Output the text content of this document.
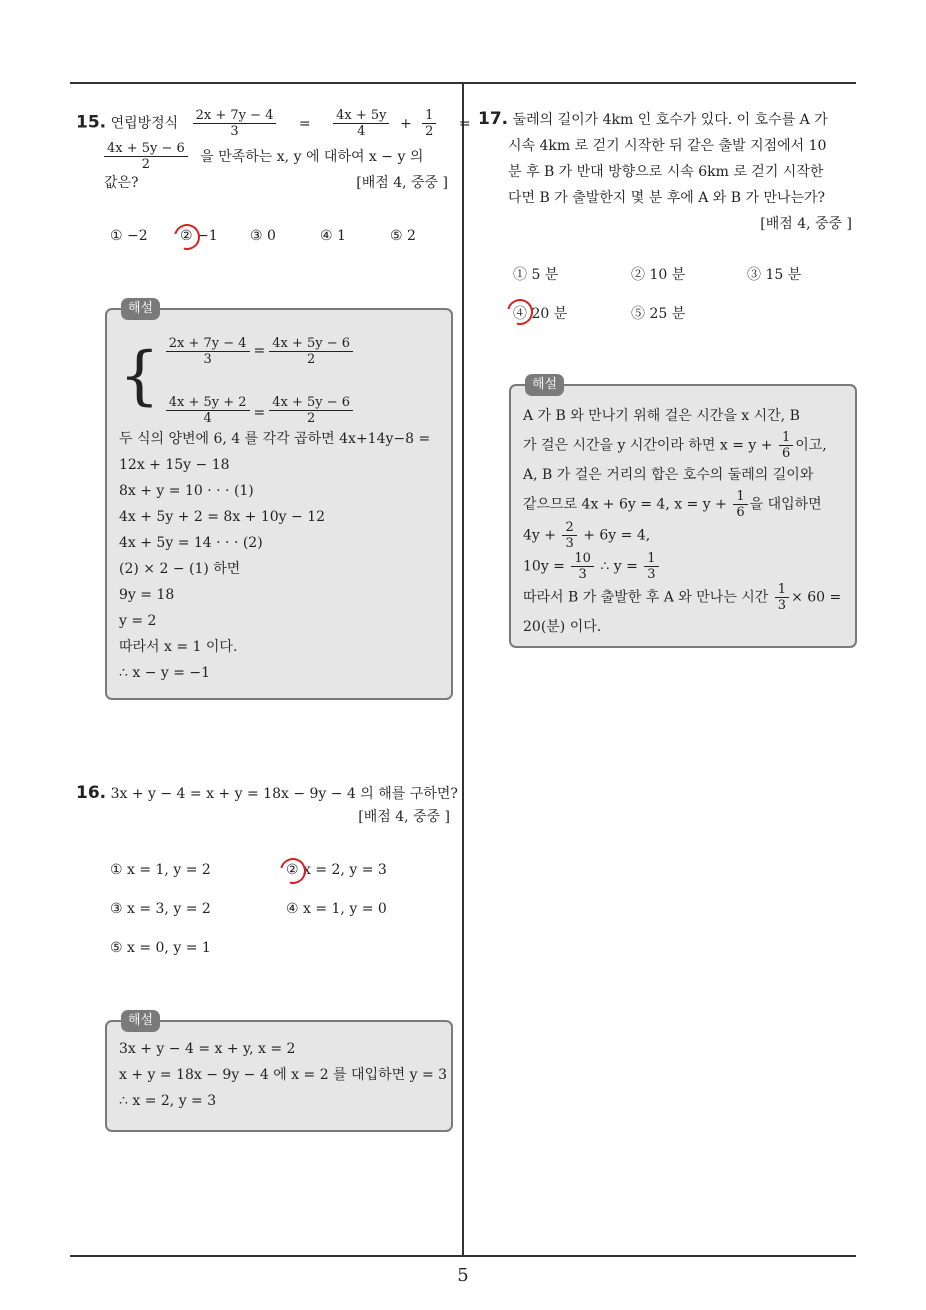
15. 연립방정식 $\frac{2x + 7y - 4}{3} = \frac{4x + 5y}{4} + \frac{1}{2}$ =
$\frac{4x + 5y - 6}{2}$ 을 만족하는 x, y 에 대하여 x − y 의
값은?	[배점 4, 중중 ]
① −2 ② −1 ③ 0	④ 1	⑤ 2
해설
{ $\frac{2x + 7y - 4}{3} = \frac{4x + 5y - 6}{2}$
$\frac{4x + 5y + 2}{4} = \frac{4x + 5y - 6}{2}$
두 식의 양변에 6, 4 를 각각 곱하면 4x+14y−8 =
12x + 15y − 18
8x + y = 10 · · · (1)
4x + 5y + 2 = 8x + 10y − 12
4x + 5y = 14 · · · (2)
(2) × 2 − (1) 하면
9y = 18
y = 2
따라서 x = 1 이다.
∴ x − y = −1
16. 3x + y − 4 = x + y = 18x − 9y − 4 의 해를 구하면?
[배점 4, 중중 ]
① x = 1, y = 2	② x = 2, y = 3
③ x = 3, y = 2	④ x = 1, y = 0
⑤ x = 0, y = 1
해설
3x + y − 4 = x + y, x = 2
x + y = 18x − 9y − 4 에 x = 2 를 대입하면 y = 3
∴ x = 2, y = 3
17. 둘레의 길이가 4km 인 호수가 있다. 이 호수를 A 가
시속 4km 로 걷기 시작한 뒤 같은 출발 지점에서 10
분 후 B 가 반대 방향으로 시속 6km 로 걷기 시작한
다면 B 가 출발한지 몇 분 후에 A 와 B 가 만나는가?
[배점 4, 중중 ]
① 5 분	② 10 분	③ 15 분
④ 20 분	⑤ 25 분
해설
A 가 B 와 만나기 위해 걸은 시간을 x 시간, B
가 걸은 시간을 y 시간이라 하면 $x = y + \frac{1}{6}$ 이고,
A, B 가 걸은 거리의 합은 호수의 둘레의 길이와
같으므로 4x + 6y = 4, $x = y + \frac{1}{6}$ 을 대입하면
$4y + \frac{2}{3} + 6y = 4$,
$10y = \frac{10}{3}$ ∴ $y = \frac{1}{3}$
따라서 B 가 출발한 후 A 와 만나는 시간 $\frac{1}{3} \times 60$ =
20(분) 이다.
5
